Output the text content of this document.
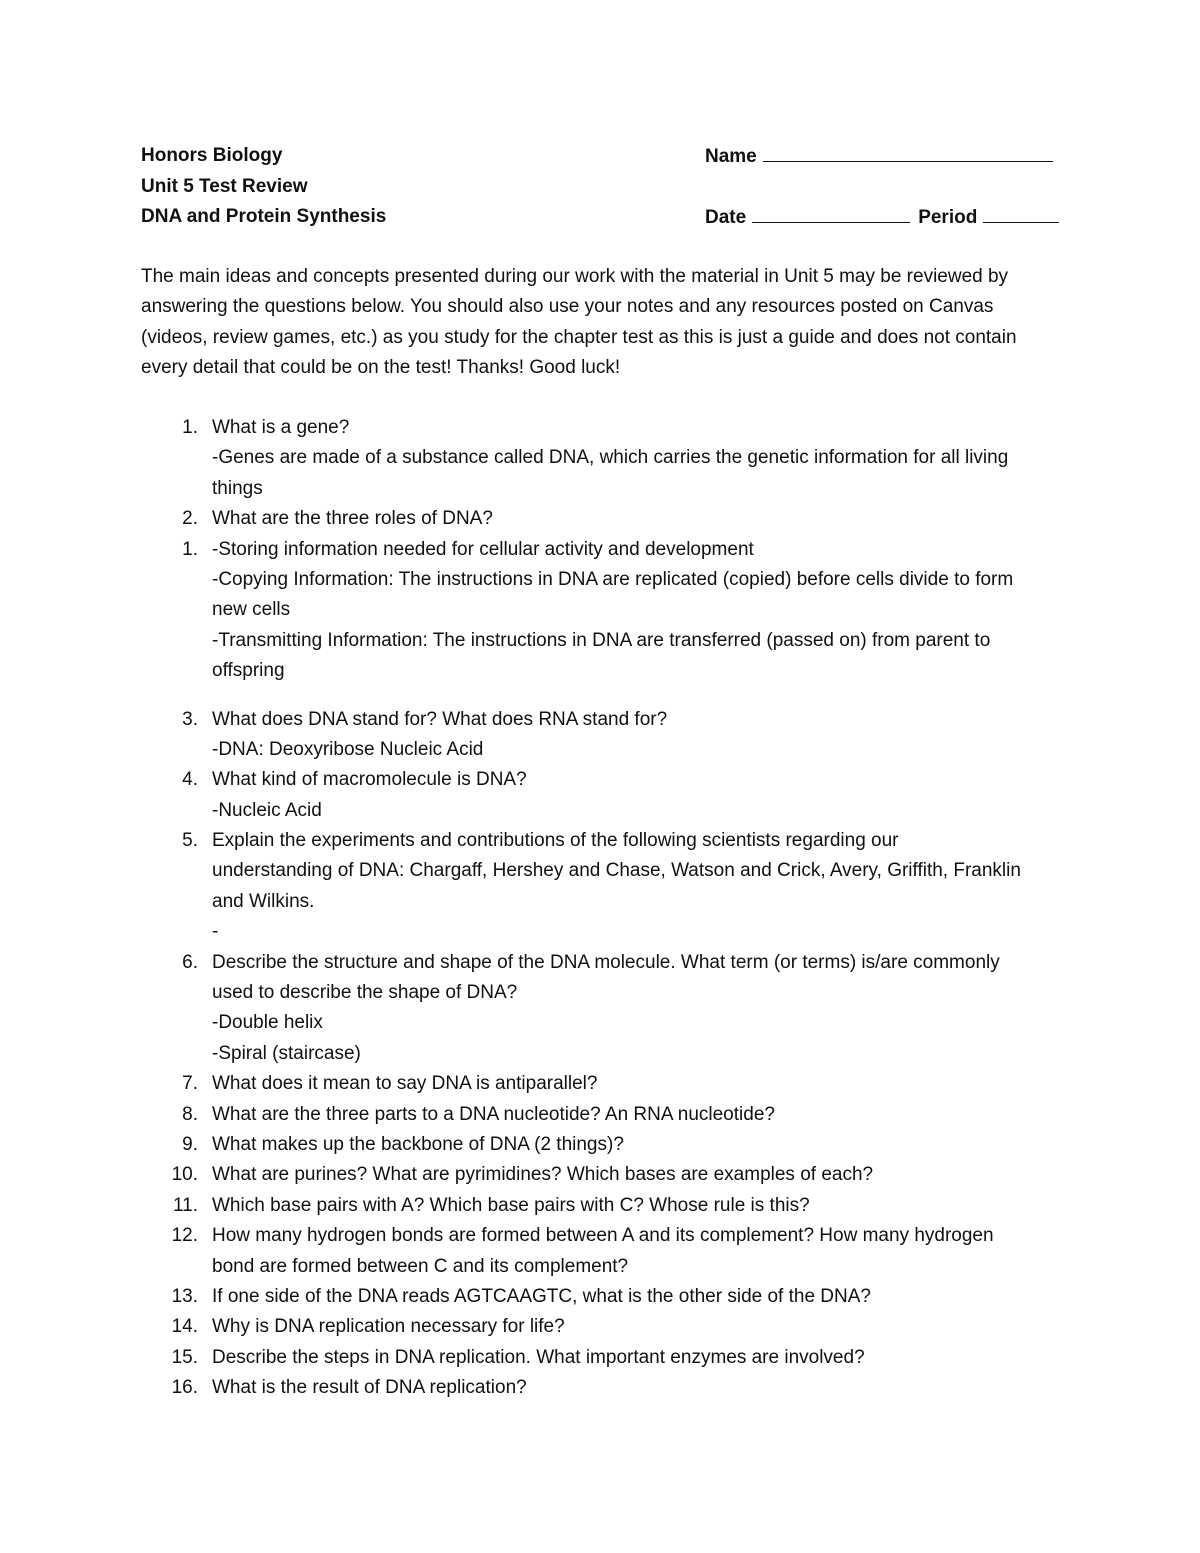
Honors Biology
Unit 5 Test Review
DNA and Protein Synthesis
Name
Date	Period
The main ideas and concepts presented during our work with the material in Unit 5 may be reviewed by
answering the questions below. You should also use your notes and any resources posted on Canvas
(videos, review games, etc.) as you study for the chapter test as this is just a guide and does not contain
every detail that could be on the test! Thanks! Good luck!
1. What is a gene?
-Genes are made of a substance called DNA, which carries the genetic information for all living
things
2. What are the three roles of DNA?
1. -Storing information needed for cellular activity and development
-Copying Information: The instructions in DNA are replicated (copied) before cells divide to form
new cells
-Transmitting Information: The instructions in DNA are transferred (passed on) from parent to
offspring
3. What does DNA stand for? What does RNA stand for?
-DNA: Deoxyribose Nucleic Acid
4. What kind of macromolecule is DNA?
-Nucleic Acid
5. Explain the experiments and contributions of the following scientists regarding our
understanding of DNA: Chargaff, Hershey and Chase, Watson and Crick, Avery, Griffith, Franklin
and Wilkins.
-
6. Describe the structure and shape of the DNA molecule. What term (or terms) is/are commonly
used to describe the shape of DNA?
-Double helix
-Spiral (staircase)
7. What does it mean to say DNA is antiparallel?
8. What are the three parts to a DNA nucleotide? An RNA nucleotide?
9. What makes up the backbone of DNA (2 things)?
10. What are purines? What are pyrimidines? Which bases are examples of each?
11. Which base pairs with A? Which base pairs with C? Whose rule is this?
12. How many hydrogen bonds are formed between A and its complement? How many hydrogen
bond are formed between C and its complement?
13. If one side of the DNA reads AGTCAAGTC, what is the other side of the DNA?
14. Why is DNA replication necessary for life?
15. Describe the steps in DNA replication. What important enzymes are involved?
16. What is the result of DNA replication?
